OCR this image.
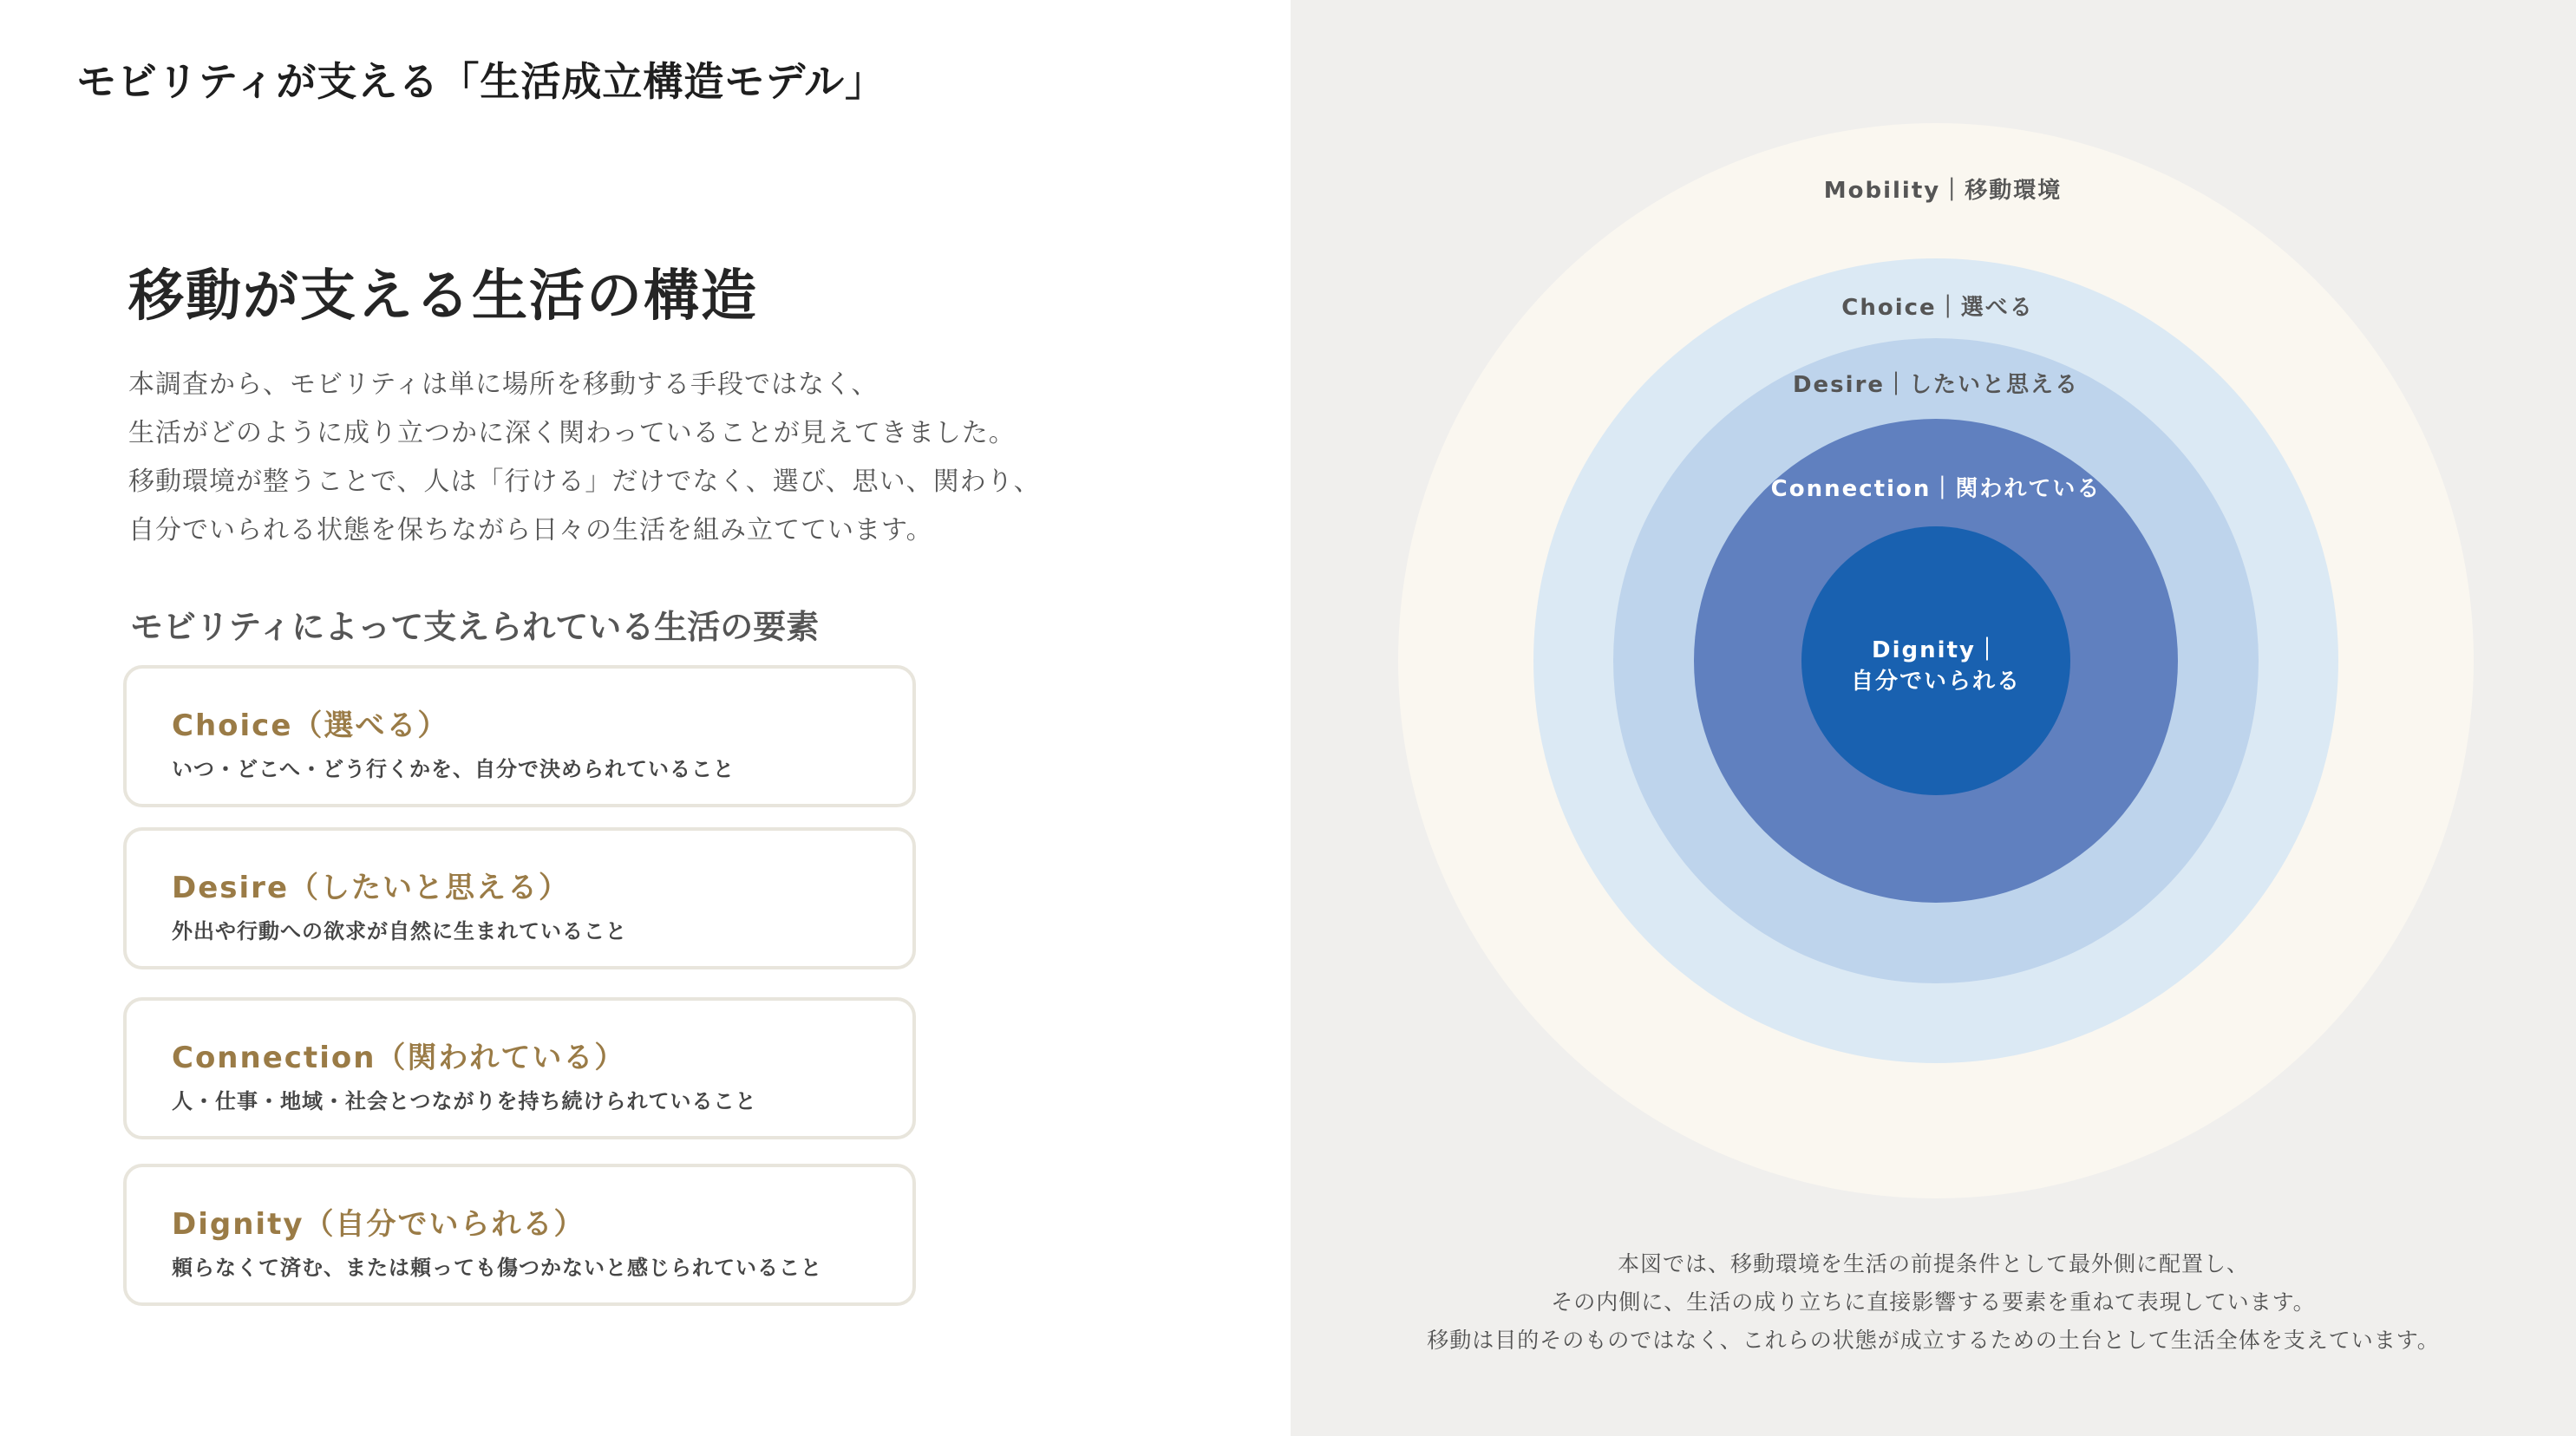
モビリティが支える「生活成立構造モデル」
移動が支える生活の構造
本調査から、モビリティは単に場所を移動する手段ではなく、
生活がどのように成り立つかに深く関わっていることが見えてきました。
移動環境が整うことで、人は「行ける」だけでなく、選び、思い、関わり、
自分でいられる状態を保ちながら日々の生活を組み立てています。
モビリティによって支えられている生活の要素
Choice（選べる）
いつ・どこへ・どう行くかを、自分で決められていること
Desire（したいと思える）
外出や行動への欲求が自然に生まれていること
Connection（関われている）
人・仕事・地域・社会とつながりを持ち続けられていること
Dignity（自分でいられる）
頼らなくて済む、または頼っても傷つかないと感じられていること
Mobility｜移動環境
Choice｜選べる
Desire｜したいと思える
Connection｜関われている
Dignity｜
自分でいられる
本図では、移動環境を生活の前提条件として最外側に配置し、
その内側に、生活の成り立ちに直接影響する要素を重ねて表現しています。
移動は目的そのものではなく、これらの状態が成立するための土台として生活全体を支えています。
